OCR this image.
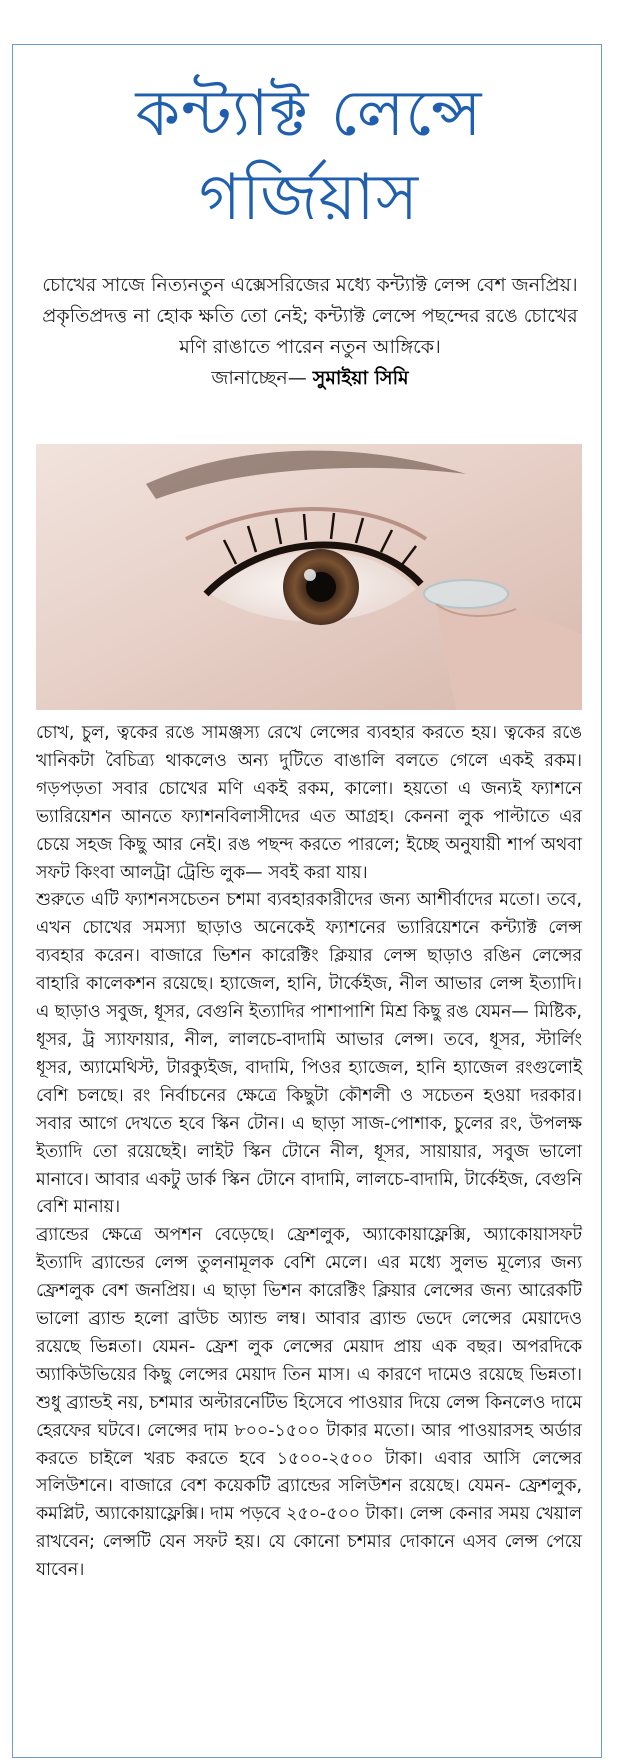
কন্ট্যাক্ট লেন্সে
গর্জিয়াস
চোখের সাজে নিত্যনতুন এক্সেসরিজের মধ্যে কন্ট্যাক্ট লেন্স বেশ জনপ্রিয়। প্রকৃতিপ্রদত্ত না হোক ক্ষতি তো নেই; কন্ট্যাক্ট লেন্সে পছন্দের রঙে চোখের মণি রাঙাতে পারেন নতুন আঙ্গিকে।
জানাচ্ছেন— সুমাইয়া সিমি

চোখ, চুল, ত্বকের রঙে সামঞ্জস্য রেখে লেন্সের ব্যবহার করতে হয়। ত্বকের রঙে খানিকটা বৈচিত্র্য থাকলেও অন্য দুটিতে বাঙালি বলতে গেলে একই রকম। গড়পড়তা সবার চোখের মণি একই রকম, কালো। হয়তো এ জন্যই ফ্যাশনে ভ্যারিয়েশন আনতে ফ্যাশনবিলাসীদের এত আগ্রহ। কেননা লুক পাল্টাতে এর চেয়ে সহজ কিছু আর নেই। রঙ পছন্দ করতে পারলে; ইচ্ছে অনুযায়ী শার্প অথবা সফট কিংবা আলট্রা ট্রেন্ডি লুক— সবই করা যায়।

শুরুতে এটি ফ্যাশনসচেতন চশমা ব্যবহারকারীদের জন্য আশীর্বাদের মতো। তবে, এখন চোখের সমস্যা ছাড়াও অনেকেই ফ্যাশনের ভ্যারিয়েশনে কন্ট্যাক্ট লেন্স ব্যবহার করেন। বাজারে ভিশন কারেক্টিং ক্লিয়ার লেন্স ছাড়াও রঙিন লেন্সের বাহারি কালেকশন রয়েছে। হ্যাজেল, হানি, টার্কেইজ, নীল আভার লেন্স ইত্যাদি। এ ছাড়াও সবুজ, ধূসর, বেগুনি ইত্যাদির পাশাপাশি মিশ্র কিছু রঙ যেমন— মিষ্টিক, ধূসর, ট্র স্যাফায়ার, নীল, লালচে-বাদামি আভার লেন্স। তবে, ধূসর, স্টার্লিং ধূসর, অ্যামেথিস্ট, টারক্যুইজ, বাদামি, পিওর হ্যাজেল, হানি হ্যাজেল রংগুলোই বেশি চলছে। রং নির্বাচনের ক্ষেত্রে কিছুটা কৌশলী ও সচেতন হওয়া দরকার। সবার আগে দেখতে হবে স্কিন টোন। এ ছাড়া সাজ-পোশাক, চুলের রং, উপলক্ষ ইত্যাদি তো রয়েছেই। লাইট স্কিন টোনে নীল, ধূসর, সায়ায়ার, সবুজ ভালো মানাবে। আবার একটু ডার্ক স্কিন টোনে বাদামি, লালচে-বাদামি, টার্কেইজ, বেগুনি বেশি মানায়।

ব্র্যান্ডের ক্ষেত্রে অপশন বেড়েছে। ফ্রেশলুক, অ্যাকোয়াফ্লেক্সি, অ্যাকোয়াসফট ইত্যাদি ব্র্যান্ডের লেন্স তুলনামূলক বেশি মেলে। এর মধ্যে সুলভ মূল্যের জন্য ফ্রেশলুক বেশ জনপ্রিয়। এ ছাড়া ভিশন কারেক্টিং ক্লিয়ার লেন্সের জন্য আরেকটি ভালো ব্র্যান্ড হলো ব্রাউচ অ্যান্ড লম্ব। আবার ব্র্যান্ড ভেদে লেন্সের মেয়াদেও রয়েছে ভিন্নতা। যেমন- ফ্রেশ লুক লেন্সের মেয়াদ প্রায় এক বছর। অপরদিকে অ্যাকিউভিয়ের কিছু লেন্সের মেয়াদ তিন মাস। এ কারণে দামেও রয়েছে ভিন্নতা। শুধু ব্র্যান্ডই নয়, চশমার অল্টারনেটিভ হিসেবে পাওয়ার দিয়ে লেন্স কিনলেও দামে হেরফের ঘটবে। লেন্সের দাম ৮০০-১৫০০ টাকার মতো। আর পাওয়ারসহ অর্ডার করতে চাইলে খরচ করতে হবে ১৫০০-২৫০০ টাকা। এবার আসি লেন্সের সলিউশনে। বাজারে বেশ কয়েকটি ব্র্যান্ডের সলিউশন রয়েছে। যেমন- ফ্রেশলুক, কমপ্লিট, অ্যাকোয়াফ্লেক্সি। দাম পড়বে ২৫০-৫০০ টাকা। লেন্স কেনার সময় খেয়াল রাখবেন; লেন্সটি যেন সফট হয়। যে কোনো চশমার দোকানে এসব লেন্স পেয়ে যাবেন।
